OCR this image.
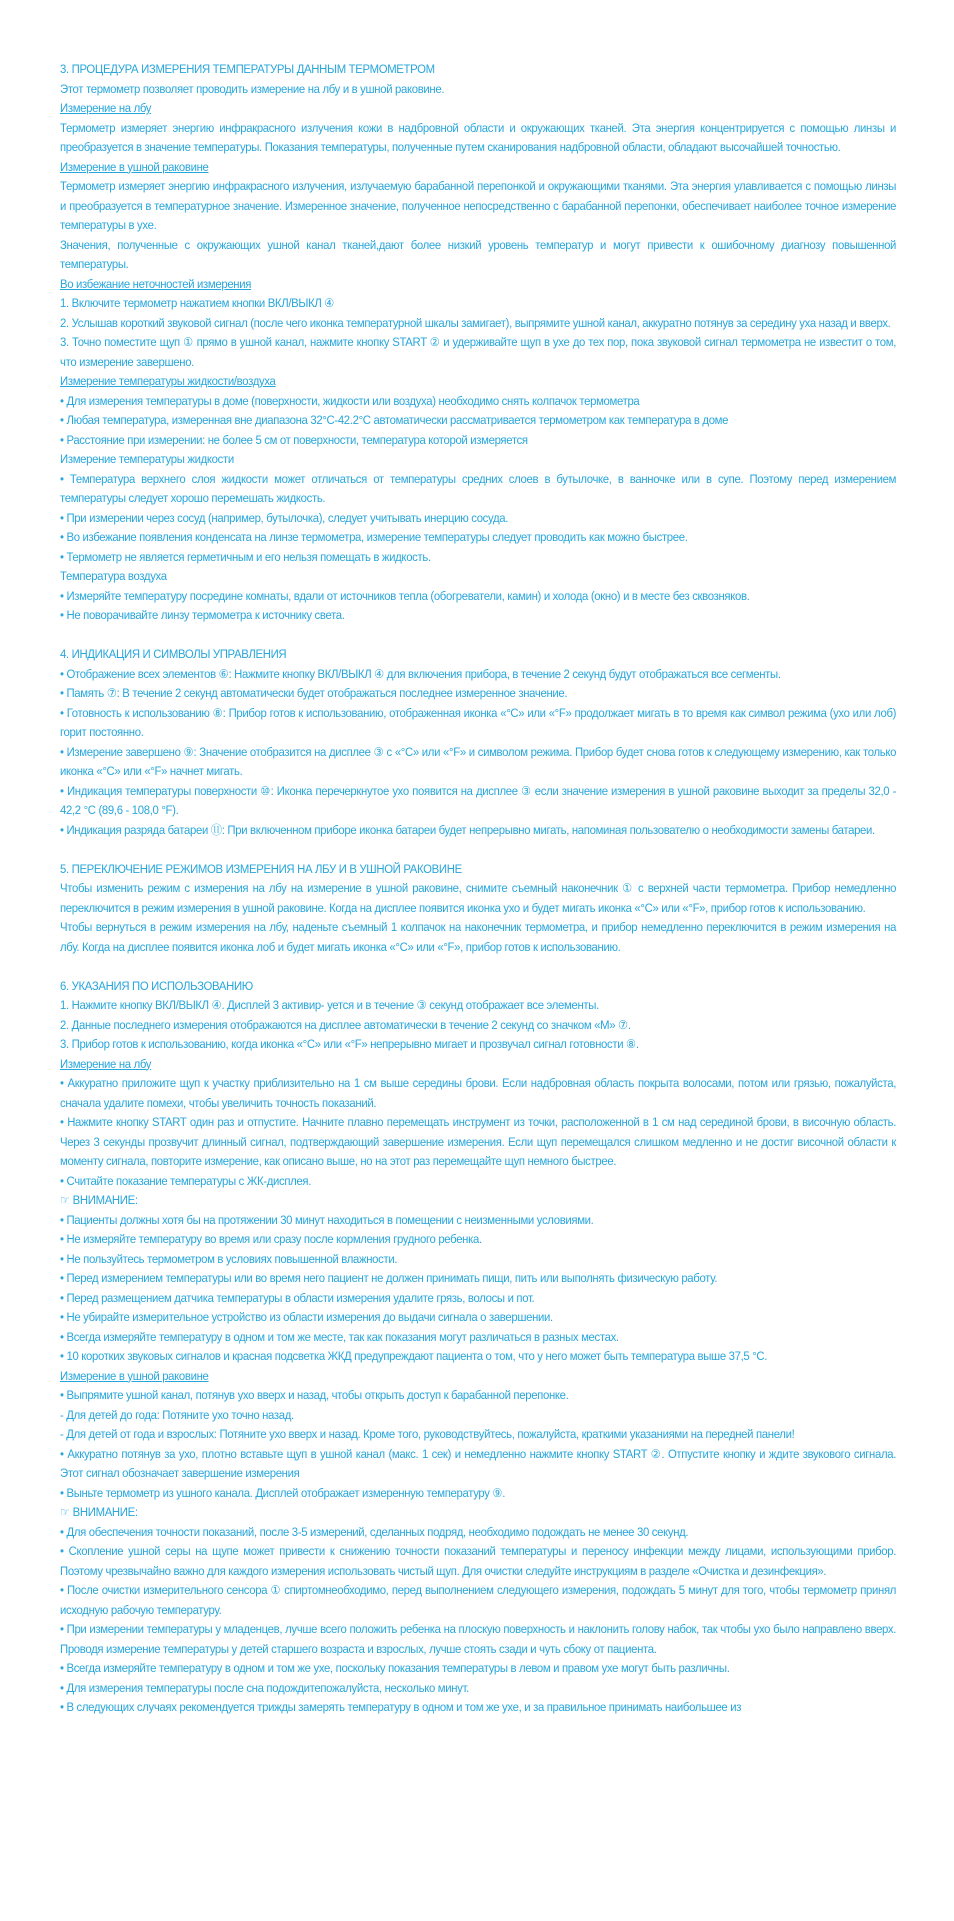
3. ПРОЦЕДУРА ИЗМЕРЕНИЯ ТЕМПЕРАТУРЫ ДАННЫМ ТЕРМОМЕТРОМ

Этот термометр позволяет проводить измерение на лбу и в ушной раковине.

Измерение на лбу

Термометр измеряет энергию инфракрасного излучения кожи в надбровной области и окружающих тканей. Эта энергия концентрируется с помощью линзы и преобразуется в значение температуры. Показания температуры, полученные путем сканирования надбровной области, обладают высочайшей точностью.

Измерение в ушной раковине

Термометр измеряет энергию инфракрасного излучения, излучаемую барабанной перепонкой и окружающими тканями. Эта энергия улавливается с помощью линзы и преобразуется в температурное значение. Измеренное значение, полученное непосредственно с барабанной перепонки, обеспечивает наиболее точное измерение температуры в ухе.

Значения, полученные с окружающих ушной канал тканей,дают более низкий уровень температур и могут привести к ошибочному диагнозу повышенной температуры.

Во избежание неточностей измерения

1. Включите термометр нажатием кнопки ВКЛ/ВЫКЛ ④

2. Услышав короткий звуковой сигнал (после чего иконка температурной шкалы замигает), выпрямите ушной канал, аккуратно потянув за середину уха назад и вверх.

3. Точно поместите щуп ① прямо в ушной канал, нажмите кнопку START ② и удерживайте щуп в ухе до тех пор, пока звуковой сигнал термометра не известит о том, что измерение завершено.

Измерение температуры жидкости/воздуха

• Для измерения температуры в доме (поверхности, жидкости или воздуха) необходимо снять колпачок термометра

• Любая температура, измеренная вне диапазона 32°C-42.2°C автоматически рассматривается термометром как температура в доме

• Расстояние при измерении: не более 5 см от поверхности, температура которой измеряется

Измерение температуры жидкости

• Температура верхнего слоя жидкости может отличаться от температуры средних слоев в бутылочке, в ванночке или в супе. Поэтому перед измерением температуры следует хорошо перемешать жидкость.

• При измерении через сосуд (например, бутылочка), следует учитывать инерцию сосуда.

• Во избежание появления конденсата на линзе термометра, измерение температуры следует проводить как можно быстрее.

• Термометр не является герметичным и его нельзя помещать в жидкость.

Температура воздуха

• Измеряйте температуру посредине комнаты, вдали от источников тепла (обогреватели, камин) и холода (окно) и в месте без сквозняков.

• Не поворачивайте линзу термометра к источнику света.

4. ИНДИКАЦИЯ И СИМВОЛЫ УПРАВЛЕНИЯ

• Отображение всех элементов ⑥: Нажмите кнопку ВКЛ/ВЫКЛ ④ для включения прибора, в течение 2 секунд будут отображаться все сегменты.

• Память ⑦: В течение 2 секунд автоматически будет отображаться последнее измеренное значение.

• Готовность к использованию ⑧: Прибор готов к использованию, отображенная иконка «°C» или «°F» продолжает мигать в то время как символ режима (ухо или лоб) горит постоянно.

• Измерение завершено ⑨: Значение отобразится на дисплее ③ с «°C» или «°F» и символом режима. Прибор будет снова готов к следующему измерению, как только иконка «°C» или «°F» начнет мигать.

• Индикация температуры поверхности ⑩: Иконка перечеркнутое ухо появится на дисплее ③ если значение измерения в ушной раковине выходит за пределы 32,0 - 42,2 °C (89,6 - 108,0 °F).

• Индикация разряда батареи ⑪: При включенном приборе иконка батареи будет непрерывно мигать, напоминая пользователю о необходимости замены батареи.

5. ПЕРЕКЛЮЧЕНИЕ РЕЖИМОВ ИЗМЕРЕНИЯ НА ЛБУ И В УШНОЙ РАКОВИНЕ

Чтобы изменить режим с измерения на лбу на измерение в ушной раковине, снимите съемный наконечник ① с верхней части термометра. Прибор немедленно переключится в режим измерения в ушной раковине. Когда на дисплее появится иконка ухо и будет мигать иконка «°C» или «°F», прибор готов к использованию.

Чтобы вернуться в режим измерения на лбу, наденьте съемный 1 колпачок на наконечник термометра, и прибор немедленно переключится в режим измерения на лбу. Когда на дисплее появится иконка лоб и будет мигать иконка «°C» или «°F», прибор готов к использованию.

6. УКАЗАНИЯ ПО ИСПОЛЬЗОВАНИЮ

1. Нажмите кнопку ВКЛ/ВЫКЛ ④. Дисплей 3 активир- уется и в течение ③ секунд отображает все элементы.

2. Данные последнего измерения отображаются на дисплее автоматически в течение 2 секунд со значком «M» ⑦.

3. Прибор готов к использованию, когда иконка «°C» или «°F» непрерывно мигает и прозвучал сигнал готовности ⑧.

Измерение на лбу

• Аккуратно приложите щуп к участку приблизительно на 1 см выше середины брови. Если надбровная область покрыта волосами, потом или грязью, пожалуйста, сначала удалите помехи, чтобы увеличить точность показаний.

• Нажмите кнопку START один раз и отпустите. Начните плавно перемещать инструмент из точки, расположенной в 1 см над серединой брови, в височную область. Через 3 секунды прозвучит длинный сигнал, подтверждающий завершение измерения. Если щуп перемещался слишком медленно и не достиг височной области к моменту сигнала, повторите измерение, как описано выше, но на этот раз перемещайте щуп немного быстрее.

• Считайте показание температуры с ЖК-дисплея.

☞ ВНИМАНИЕ:

• Пациенты должны хотя бы на протяжении 30 минут находиться в помещении с неизменными условиями.

• Не измеряйте температуру во время или сразу после кормления грудного ребенка.

• Не пользуйтесь термометром в условиях повышенной влажности.

• Перед измерением температуры или во время него пациент не должен принимать пищи, пить или выполнять физическую работу.

• Перед размещением датчика температуры в области измерения удалите грязь, волосы и пот.

• Не убирайте измерительное устройство из области измерения до выдачи сигнала о завершении.

• Всегда измеряйте температуру в одном и том же месте, так как показания могут различаться в разных местах.

• 10 коротких звуковых сигналов и красная подсветка ЖКД предупреждают пациента о том, что у него может быть температура выше 37,5 °C.

Измерение в ушной раковине

• Выпрямите ушной канал, потянув ухо вверх и назад, чтобы открыть доступ к барабанной перепонке.

- Для детей до года: Потяните ухо точно назад.

- Для детей от года и взрослых: Потяните ухо вверх и назад. Кроме того, руководствуйтесь, пожалуйста, краткими указаниями на передней панели!

• Аккуратно потянув за ухо, плотно вставьте щуп в ушной канал (макс. 1 сек) и немедленно нажмите кнопку START ②. Отпустите кнопку и ждите звукового сигнала. Этот сигнал обозначает завершение измерения

• Выньте термометр из ушного канала. Дисплей отображает измеренную температуру ⑨.

☞ ВНИМАНИЕ:

• Для обеспечения точности показаний, после 3-5 измерений, сделанных подряд, необходимо подождать не менее 30 секунд.

• Скопление ушной серы на щупе может привести к снижению точности показаний температуры и переносу инфекции между лицами, использующими прибор. Поэтому чрезвычайно важно для каждого измерения использовать чистый щуп. Для очистки следуйте инструкциям в разделе «Очистка и дезинфекция».

• После очистки измерительного сенсора ① спиртомнеобходимо, перед выполнением следующего измерения, подождать 5 минут для того, чтобы термометр принял исходную рабочую температуру.

• При измерении температуры у младенцев, лучше всего положить ребенка на плоскую поверхность и наклонить голову набок, так чтобы ухо было направлено вверх. Проводя измерение температуры у детей старшего возраста и взрослых, лучше стоять сзади и чуть сбоку от пациента.

• Всегда измеряйте температуру в одном и том же ухе, поскольку показания температуры в левом и правом ухе могут быть различны.

• Для измерения температуры после сна подождитепожалуйста, несколько минут.

• В следующих случаях рекомендуется трижды замерять температуру в одном и том же ухе, и за правильное принимать наибольшее из
